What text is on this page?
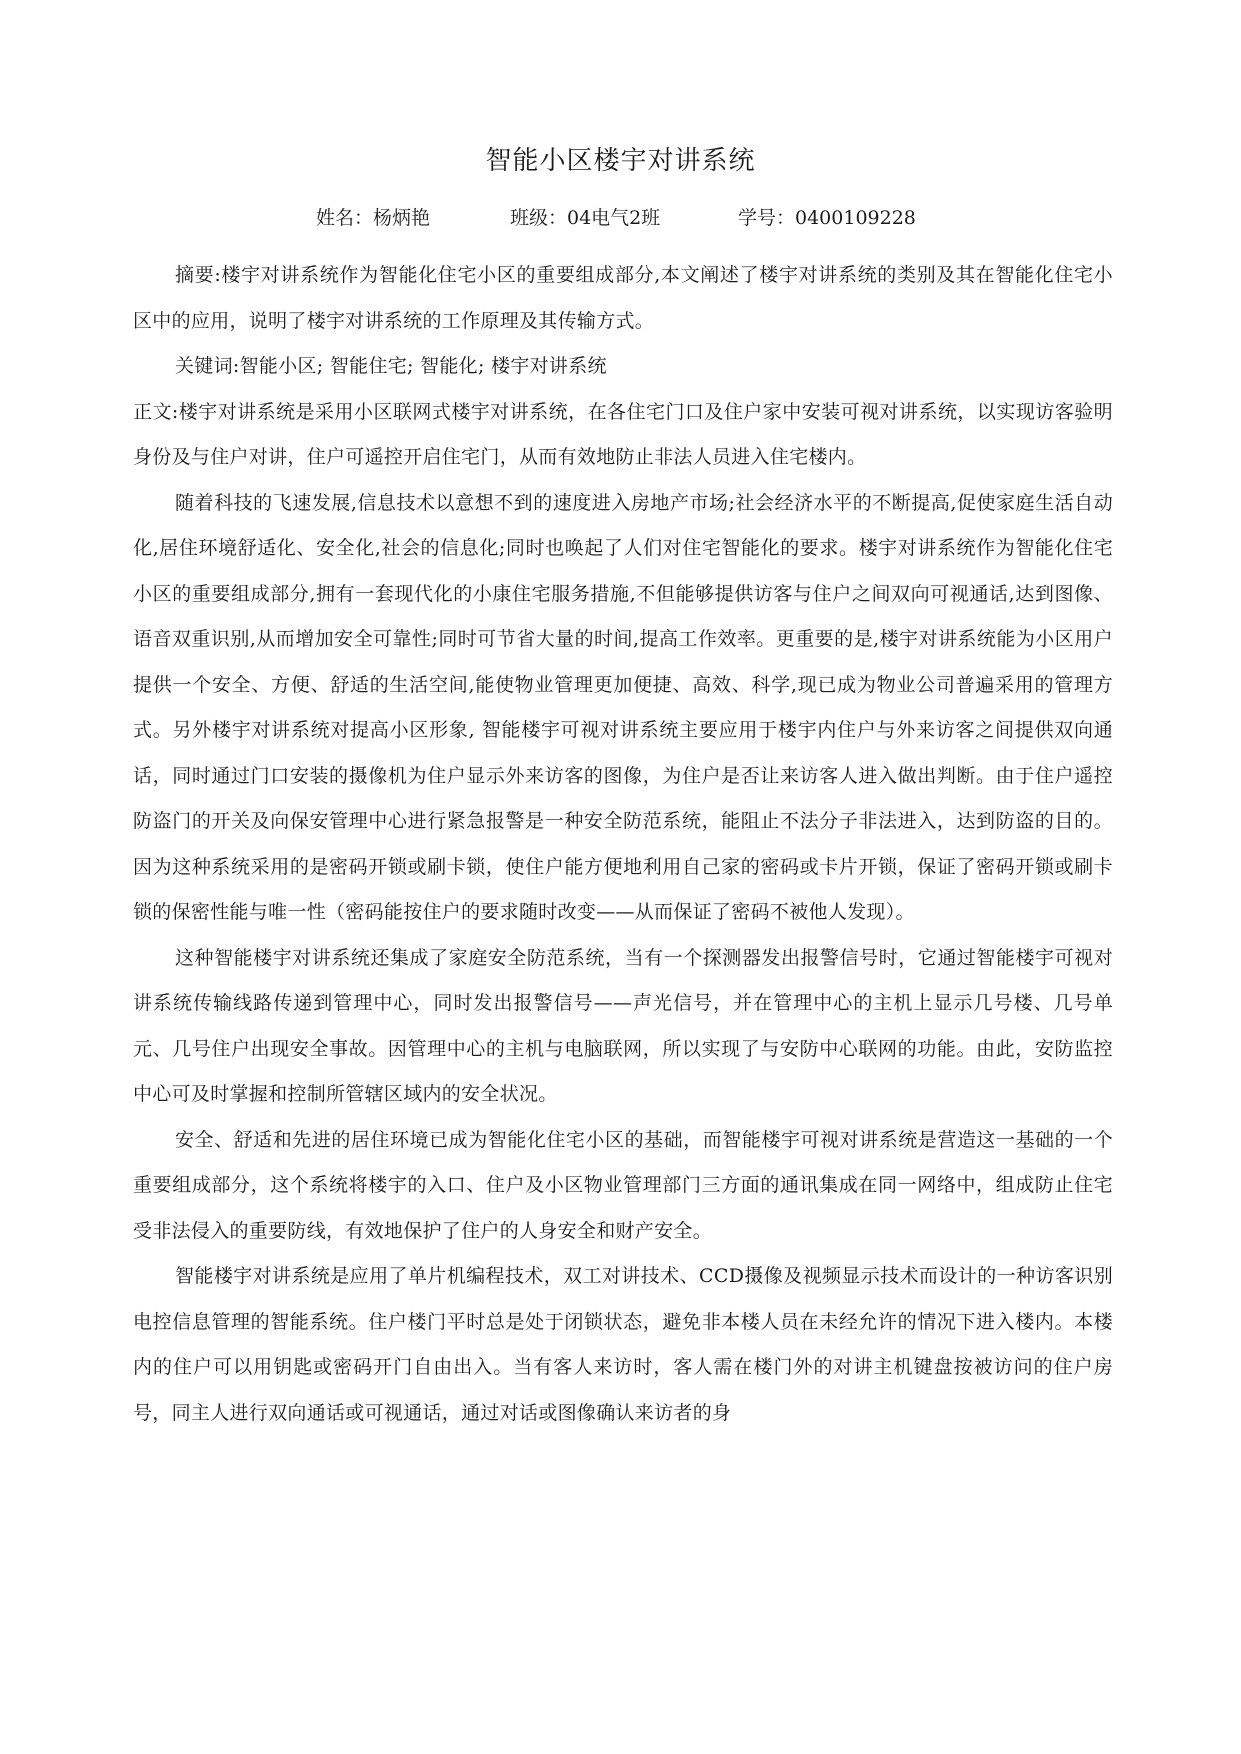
智能小区楼宇对讲系统
姓名：杨炳艳	班级：04电气2班	学号：0400109228

摘要:楼宇对讲系统作为智能化住宅小区的重要组成部分,本文阐述了楼宇对讲系统的类别及其在智能化住宅小区中的应用，说明了楼宇对讲系统的工作原理及其传输方式。

关键词:智能小区; 智能住宅; 智能化; 楼宇对讲系统

正文:楼宇对讲系统是采用小区联网式楼宇对讲系统，在各住宅门口及住户家中安装可视对讲系统，以实现访客验明身份及与住户对讲，住户可遥控开启住宅门，从而有效地防止非法人员进入住宅楼内。

随着科技的飞速发展,信息技术以意想不到的速度进入房地产市场;社会经济水平的不断提高,促使家庭生活自动化,居住环境舒适化、安全化,社会的信息化;同时也唤起了人们对住宅智能化的要求。楼宇对讲系统作为智能化住宅小区的重要组成部分,拥有一套现代化的小康住宅服务措施,不但能够提供访客与住户之间双向可视通话,达到图像、语音双重识别,从而增加安全可靠性;同时可节省大量的时间,提高工作效率。更重要的是,楼宇对讲系统能为小区用户提供一个安全、方便、舒适的生活空间,能使物业管理更加便捷、高效、科学,现已成为物业公司普遍采用的管理方式。另外楼宇对讲系统对提高小区形象, 智能楼宇可视对讲系统主要应用于楼宇内住户与外来访客之间提供双向通话，同时通过门口安装的摄像机为住户显示外来访客的图像，为住户是否让来访客人进入做出判断。由于住户遥控防盗门的开关及向保安管理中心进行紧急报警是一种安全防范系统，能阻止不法分子非法进入，达到防盗的目的。因为这种系统采用的是密码开锁或刷卡锁，使住户能方便地利用自己家的密码或卡片开锁，保证了密码开锁或刷卡锁的保密性能与唯一性（密码能按住户的要求随时改变——从而保证了密码不被他人发现）。

这种智能楼宇对讲系统还集成了家庭安全防范系统，当有一个探测器发出报警信号时，它通过智能楼宇可视对讲系统传输线路传递到管理中心，同时发出报警信号——声光信号，并在管理中心的主机上显示几号楼、几号单元、几号住户出现安全事故。因管理中心的主机与电脑联网，所以实现了与安防中心联网的功能。由此，安防监控中心可及时掌握和控制所管辖区域内的安全状况。

安全、舒适和先进的居住环境已成为智能化住宅小区的基础，而智能楼宇可视对讲系统是营造这一基础的一个重要组成部分，这个系统将楼宇的入口、住户及小区物业管理部门三方面的通讯集成在同一网络中，组成防止住宅受非法侵入的重要防线，有效地保护了住户的人身安全和财产安全。

智能楼宇对讲系统是应用了单片机编程技术，双工对讲技术、CCD摄像及视频显示技术而设计的一种访客识别电控信息管理的智能系统。住户楼门平时总是处于闭锁状态，避免非本楼人员在未经允许的情况下进入楼内。本楼内的住户可以用钥匙或密码开门自由出入。当有客人来访时，客人需在楼门外的对讲主机键盘按被访问的住户房号，同主人进行双向通话或可视通话，通过对话或图像确认来访者的身
